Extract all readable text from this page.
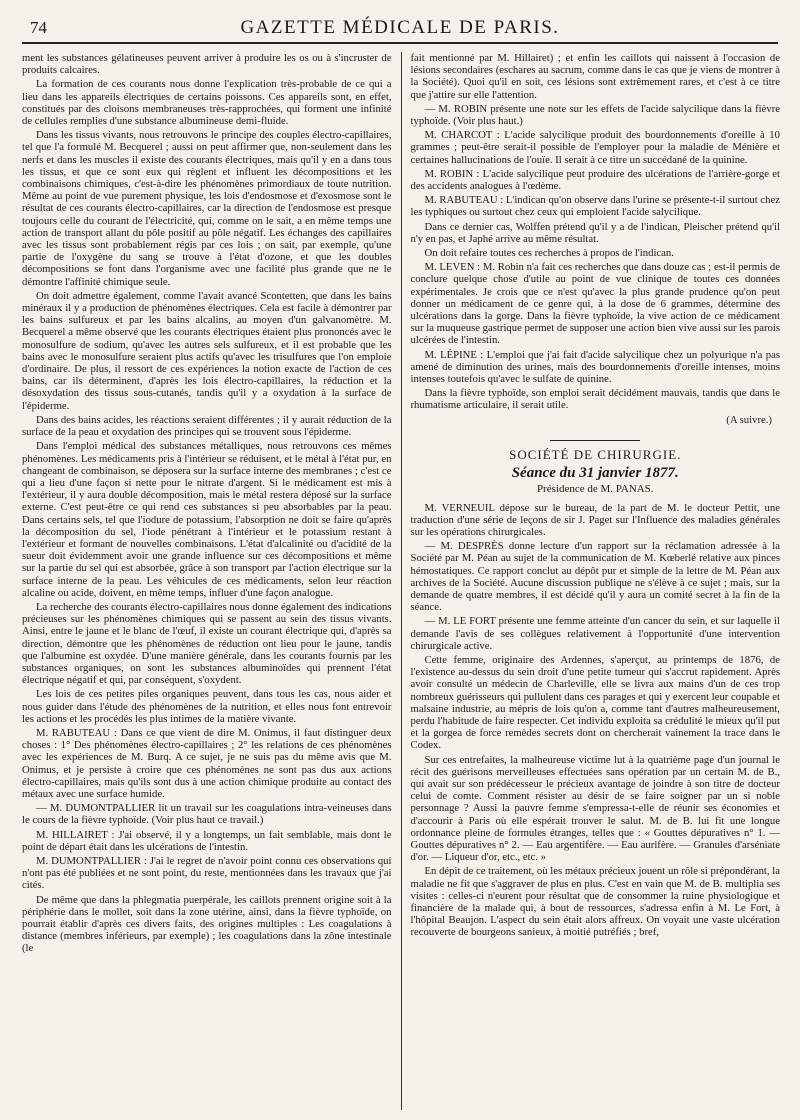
74	GAZETTE MÉDICALE DE PARIS.

ment les substances gélatineuses peuvent arriver à produire les os ou à s'incruster de produits calcaires.

La formation de ces courants nous donne l'explication très-probable de ce qui a lieu dans les appareils électriques de certains poissons. Ces appareils sont, en effet, constitués par des cloisons membraneuses très-rapprochées, qui forment une infinité de cellules remplies d'une substance albumineuse demi-fluide.

Dans les tissus vivants, nous retrouvons le principe des couples électro-capillaires, tel que l'a formulé M. Becquerel ; aussi on peut affirmer que, non-seulement dans les nerfs et dans les muscles il existe des courants électriques, mais qu'il y en a dans tous les tissus, et que ce sont eux qui règlent et influent les décompositions et les combinaisons chimiques, c'est-à-dire les phénomènes primordiaux de toute nutrition. Même au point de vue purement physique, les lois d'endosmose et d'exosmose sont le résultat de ces courants électro-capillaires, car la direction de l'endosmose est presque toujours celle du courant de l'électricité, qui, comme on le sait, a en même temps une action de transport allant du pôle positif au pôle négatif. Les échanges des capillaires avec les tissus sont probablement régis par ces lois ; on sait, par exemple, qu'une partie de l'oxygène du sang se trouve à l'état d'ozone, et que les doubles décompositions se font dans l'organisme avec une facilité plus grande que ne le démontre l'affinité chimique seule.

On doit admettre également, comme l'avait avancé Scontetten, que dans les bains minéraux il y a production de phénomènes électriques. Cela est facile à démontrer par les bains sulfureux et par les bains alcalins, au moyen d'un galvanomètre. M. Becquerel a même observé que les courants électriques étaient plus prononcés avec le monosulfure de sodium, qu'avec les autres sels sulfureux, et il est probable que les bains avec le monosulfure seraient plus actifs qu'avec les trisulfures que l'on emploie d'ordinaire. De plus, il ressort de ces expériences la notion exacte de l'action de ces bains, car ils déterminent, d'après les lois électro-capillaires, la réduction et la désoxydation des tissus sous-cutanés, tandis qu'il y a oxydation à la surface de l'épiderme.

Dans des bains acides, les réactions seraient différentes ; il y aurait réduction de la surface de la peau et oxydation des principes qui se trouvent sous l'épiderme.

Dans l'emploi médical des substances métalliques, nous retrouvons ces mêmes phénomènes. Les médicaments pris à l'intérieur se réduisent, et le métal à l'état pur, en changeant de combinaison, se déposera sur la surface interne des membranes ; c'est ce qui a lieu d'une façon si nette pour le nitrate d'argent. Si le médicament est mis à l'extérieur, il y aura double décomposition, mais le métal restera déposé sur la surface externe. C'est peut-être ce qui rend ces substances si peu absorbables par la peau. Dans certains sels, tel que l'iodure de potassium, l'absorption ne doit se faire qu'après la décomposition du sel, l'iode pénétrant à l'intérieur et le potassium restant à l'extérieur et formant de nouvelles combinaisons. L'état d'alcalinité ou d'acidité de la sueur doit évidemment avoir une grande influence sur ces décompositions et même sur la partie du sel qui est absorbée, grâce à son transport par l'action électrique sur la surface interne de la peau. Les véhicules de ces médicaments, selon leur réaction alcaline ou acide, doivent, en même temps, influer d'une façon analogue.

La recherche des courants électro-capillaires nous donne également des indications précieuses sur les phénomènes chimiques qui se passent au sein des tissus vivants. Ainsi, entre le jaune et le blanc de l'œuf, il existe un courant électrique qui, d'après sa direction, démontre que les phénomènes de réduction ont lieu pour le jaune, tandis que l'albumine est oxydée. D'une manière générale, dans les courants fournis par les substances organiques, on sont les substances albuminoïdes qui prennent l'état électrique négatif et qui, par conséquent, s'oxydent.

Les lois de ces petites piles organiques peuvent, dans tous les cas, nous aider et nous guider dans l'étude des phénomènes de la nutrition, et elles nous font entrevoir les actions et les procédés les plus intimes de la matière vivante.

M. RABUTEAU : Dans ce que vient de dire M. Onimus, il faut distinguer deux choses : 1° Des phénomènes électro-capillaires ; 2° les relations de ces phénomènes avec les expériences de M. Burq. A ce sujet, je ne suis pas du même avis que M. Onimus, et je persiste à croire que ces phénomènes ne sont pas dus aux actions électro-capillaires, mais qu'ils sont dus à une action chimique produite au contact des métaux avec une surface humide.

— M. DUMONTPALLIER lit un travail sur les coagulations intra-veineuses dans le cours de la fièvre typhoïde. (Voir plus haut ce travail.)

M. HILLAIRET : J'ai observé, il y a longtemps, un fait semblable, mais dont le point de départ était dans les ulcérations de l'intestin.

M. DUMONTPALLIER : J'ai le regret de n'avoir point connu ces observations qui n'ont pas été publiées et ne sont point, du reste, mentionnées dans les travaux que j'ai cités.

De même que dans la phlegmatia puerpérale, les caillots prennent origine soit à la périphérie dans le mollet, soit dans la zone utérine, ainsi, dans la fièvre typhoïde, on pourrait établir d'après ces divers faits, des origines multiples : Les coagulations à distance (membres inférieurs, par exemple) ; les coagulations dans la zône intestinale (le

fait mentionné par M. Hillairet) ; et enfin les caillots qui naissent à l'occasion de lésions secondaires (eschares au sacrum, comme dans le cas que je viens de montrer à la Société). Quoi qu'il en soit, ces lésions sont extrêmement rares, et c'est à ce titre que j'attire sur elle l'attention.

— M. ROBIN présente une note sur les effets de l'acide salycilique dans la fièvre typhoïde. (Voir plus haut.)

M. CHARCOT : L'acide salycilique produit des bourdonnements d'oreille à 10 grammes ; peut-être serait-il possible de l'employer pour la maladie de Ménière et certaines hallucinations de l'ouïe. Il serait à ce titre un succédané de la quinine.

M. ROBIN : L'acide salycilique peut produire des ulcérations de l'arrière-gorge et des accidents analogues à l'œdème.

M. RABUTEAU : L'indican qu'on observe dans l'urine se présente-t-il surtout chez les typhiques ou surtout chez ceux qui emploient l'acide salycilique.

Dans ce dernier cas, Wolffen prétend qu'il y a de l'indican, Pleischer prétend qu'il n'y en pas, et Japhé arrive au même résultat.

On doit refaire toutes ces recherches à propos de l'indican.

M. LEVEN : M. Robin n'a fait ces recherches que dans douze cas ; est-il permis de conclure quelque chose d'utile au point de vue clinique de toutes ces données expérimentales. Je crois que ce n'est qu'avec la plus grande prudence qu'on peut donner un médicament de ce genre qui, à la dose de 6 grammes, détermine des ulcérations dans la gorge. Dans la fièvre typhoïde, la vive action de ce médicament sur la muqueuse gastrique permet de supposer une action bien vive aussi sur les parois ulcérées de l'intestin.

M. LÉPINE : L'emploi que j'ai fait d'acide salycilique chez un polyurique n'a pas amené de diminution des urines, mais des bourdonnements d'oreille intenses, moins intenses toutefois qu'avec le sulfate de quinine.

Dans la fièvre typhoïde, son emploi serait décidément mauvais, tandis que dans le rhumatisme articulaire, il serait utile.

(A suivre.)
SOCIÉTÉ DE CHIRURGIE.
Séance du 31 janvier 1877.
Présidence de M. PANAS.

M. VERNEUIL dépose sur le bureau, de la part de M. le docteur Pettit, une traduction d'une série de leçons de sir J. Paget sur l'Influence des maladies générales sur les opérations chirurgicales.

— M. DESPRÈS donne lecture d'un rapport sur la réclamation adressée à la Société par M. Péan au sujet de la communication de M. Kœberlé relative aux pinces hémostatiques. Ce rapport conclut au dépôt pur et simple de la lettre de M. Péan aux archives de la Société. Aucune discussion publique ne s'élève à ce sujet ; mais, sur la demande de quatre membres, il est décidé qu'il y aura un comité secret à la fin de la séance.

— M. LE FORT présente une femme atteinte d'un cancer du sein, et sur laquelle il demande l'avis de ses collègues relativement à l'opportunité d'une intervention chirurgicale active.

Cette femme, originaire des Ardennes, s'aperçut, au printemps de 1876, de l'existence au-dessus du sein droit d'une petite tumeur qui s'accrut rapidement. Après avoir consulté un médecin de Charleville, elle se livra aux mains d'un de ces trop nombreux guérisseurs qui pullulent dans ces parages et qui y exercent leur coupable et malsaine industrie, au mépris de lois qu'on a, comme tant d'autres malheureusement, perdu l'habitude de faire respecter. Cet individu exploita sa crédulité le mieux qu'il put et la gorgea de force remèdes secrets dont on chercherait vainement la trace dans le Codex.

Sur ces entrefaites, la malheureuse victime lut à la quatrième page d'un journal le récit des guérisons merveilleuses effectuées sans opération par un certain M. de B., qui avait sur son prédécesseur le précieux avantage de joindre à son titre de docteur celui de comte. Comment résister au désir de se faire soigner par un si noble personnage ? Aussi la pauvre femme s'empressa-t-elle de réunir ses économies et d'accourir à Paris où elle espérait trouver le salut. M. de B. lui fit une longue ordonnance pleine de formules étranges, telles que : « Gouttes dépuratives n° 1. — Gouttes dépuratives n° 2. — Eau argentifère. — Eau aurifère. — Granules d'arséniate d'or. — Liqueur d'or, etc., etc. »

En dépit de ce traitement, où les métaux précieux jouent un rôle si prépondérant, la maladie ne fit que s'aggraver de plus en plus. C'est en vain que M. de B. multiplia ses visites : celles-ci n'eurent pour résultat que de consommer la ruine physiologique et financière de la malade qui, à bout de ressources, s'adressa enfin à M. Le Fort, à l'hôpital Beaujon. L'aspect du sein était alors affreux. On voyait une vaste ulcération recouverte de bourgeons sanieux, à moitié putréfiés ; bref,
